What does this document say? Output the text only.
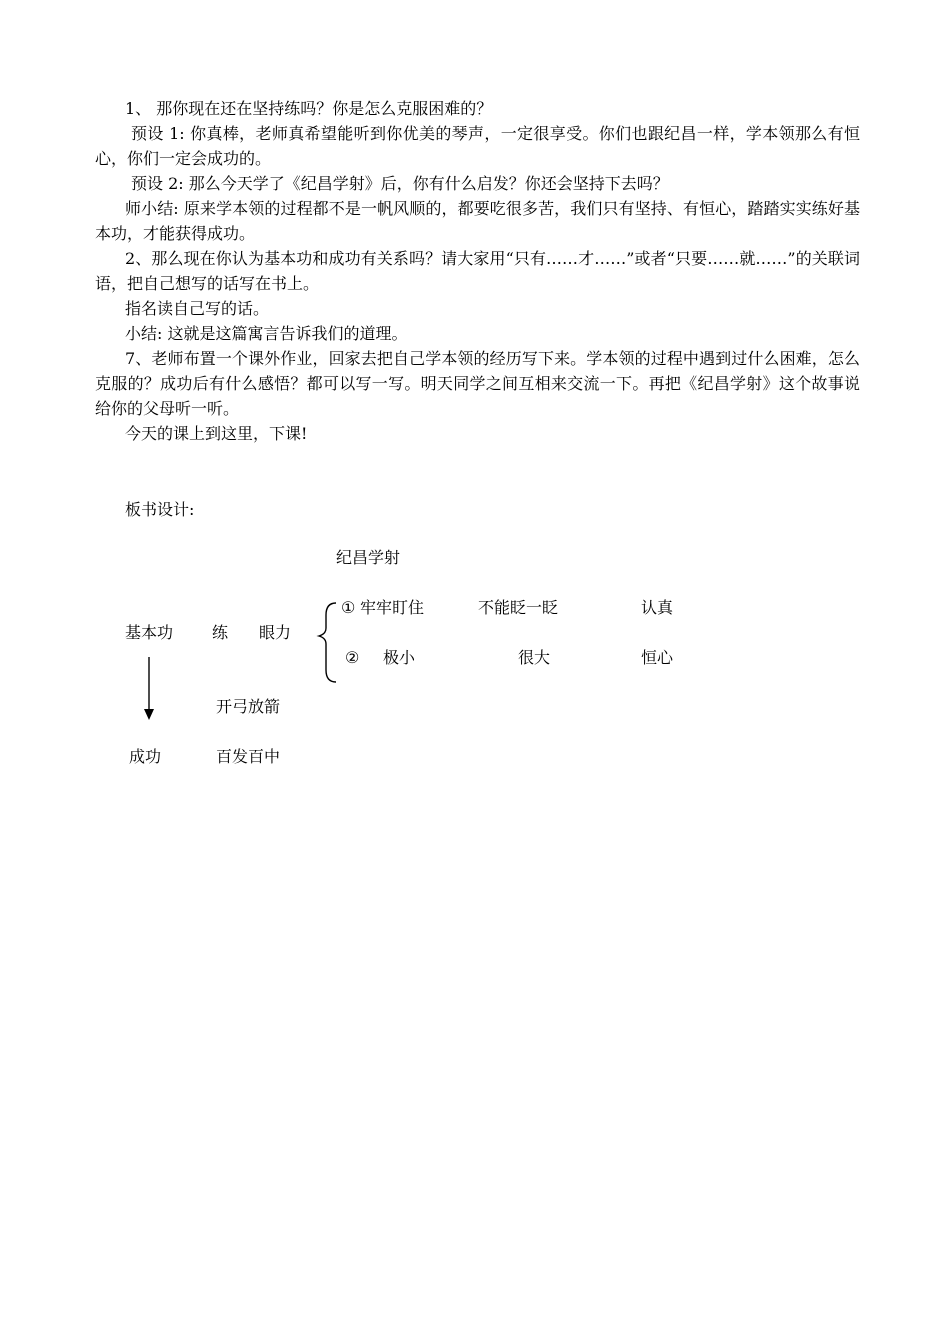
1、 那你现在还在坚持练吗？你是怎么克服困难的？

预设 1: 你真棒，老师真希望能听到你优美的琴声，一定很享受。你们也跟纪昌一样，学本领那么有恒心，你们一定会成功的。

预设 2: 那么今天学了《纪昌学射》后，你有什么启发？你还会坚持下去吗？

师小结: 原来学本领的过程都不是一帆风顺的，都要吃很多苦，我们只有坚持、有恒心，踏踏实实练好基本功，才能获得成功。

2、那么现在你认为基本功和成功有关系吗？请大家用“只有……才……”或者“只要……就……”的关联词语，把自己想写的话写在书上。

指名读自己写的话。

小结: 这就是这篇寓言告诉我们的道理。

7、老师布置一个课外作业，回家去把自己学本领的经历写下来。学本领的过程中遇到过什么困难，怎么克服的？成功后有什么感悟？都可以写一写。明天同学之间互相来交流一下。再把《纪昌学射》这个故事说给你的父母听一听。

今天的课上到这里，下课!

板书设计:
纪昌学射
基本功 练 眼力
① 牢牢盯住	不能眨一眨	认真
② 极小	很大	恒心
开弓放箭
成功	百发百中
